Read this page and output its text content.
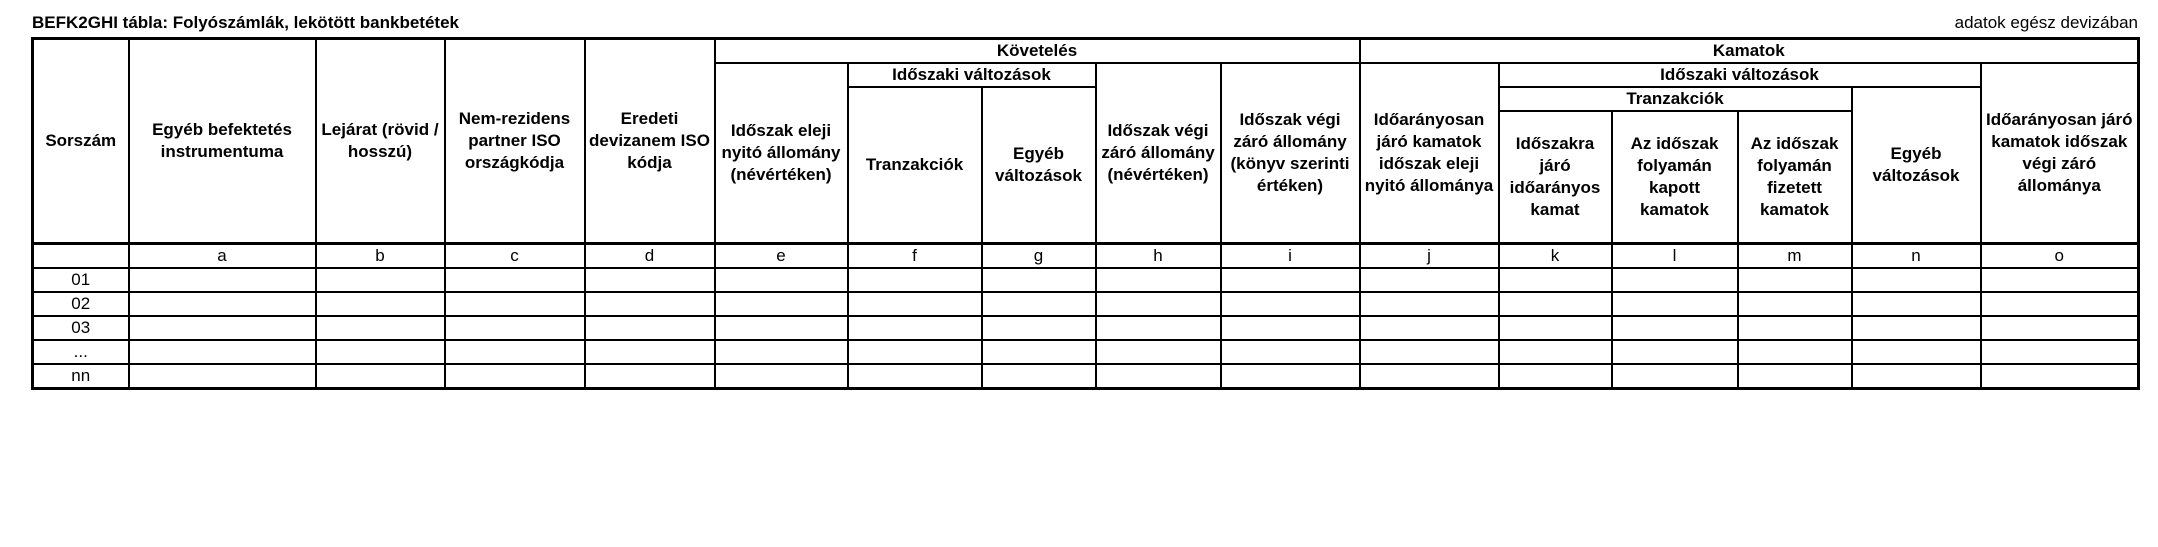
BEFK2GHI tábla: Folyószámlák, lekötött bankbetétek	adatok egész devizában
Sorszám	Egyéb befektetés instrumentuma	Lejárat (rövid / hosszú)	Nem-rezidens partner ISO országkódja	Eredeti devizanem ISO kódja	Követelés					Kamatok					
					Időszak eleji nyitó állomány (névértéken)	Időszaki változások		Időszak végi záró állomány (névértéken)	Időszak végi záró állomány (könyv szerinti értéken)	Időarányosan járó kamatok időszak eleji nyitó állománya	Időszaki változások				Időarányosan járó kamatok időszak végi záró állománya
						Tranzakciók	Egyéb változások				Tranzakciók			Egyéb változások	
											Időszakra járó időarányos kamat	Az időszak folyamán kapott kamatok	Az időszak folyamán fizetett kamatok		
	a	b	c	d	e	f	g	h	i	j	k	l	m	n	o
01															
02															
03															
...															
nn															
